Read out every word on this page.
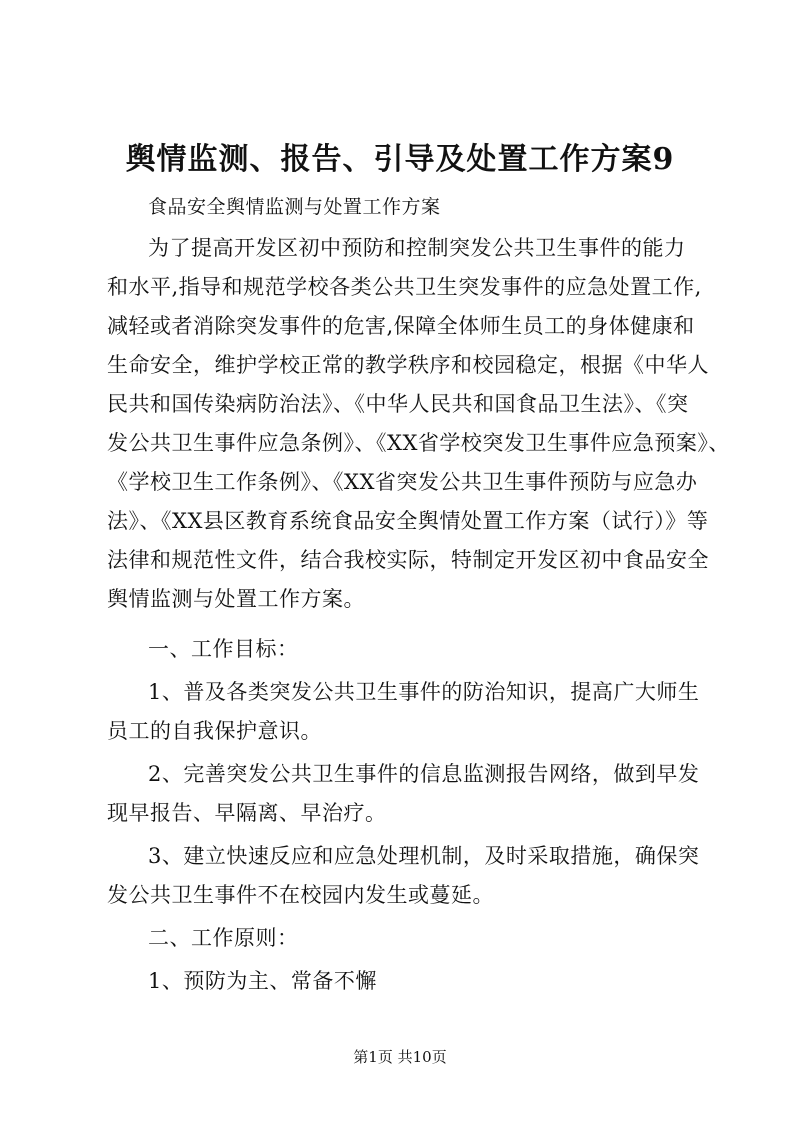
舆情监测、报告、引导及处置工作方案9
食品安全舆情监测与处置工作方案
为了提高开发区初中预防和控制突发公共卫生事件的能力
和水平,指导和规范学校各类公共卫生突发事件的应急处置工作,
减轻或者消除突发事件的危害,保障全体师生员工的身体健康和
生命安全，维护学校正常的教学秩序和校园稳定，根据《中华人
民共和国传染病防治法》、《中华人民共和国食品卫生法》、《突
发公共卫生事件应急条例》、《XX省学校突发卫生事件应急预案》、
《学校卫生工作条例》、《XX省突发公共卫生事件预防与应急办
法》、《XX县区教育系统食品安全舆情处置工作方案（试行）》等
法律和规范性文件，结合我校实际，特制定开发区初中食品安全
舆情监测与处置工作方案。
一、工作目标：
1、普及各类突发公共卫生事件的防治知识，提高广大师生
员工的自我保护意识。
2、完善突发公共卫生事件的信息监测报告网络，做到早发
现早报告、早隔离、早治疗。
3、建立快速反应和应急处理机制，及时采取措施，确保突
发公共卫生事件不在校园内发生或蔓延。
二、工作原则：
1、预防为主、常备不懈
第1页 共10页
